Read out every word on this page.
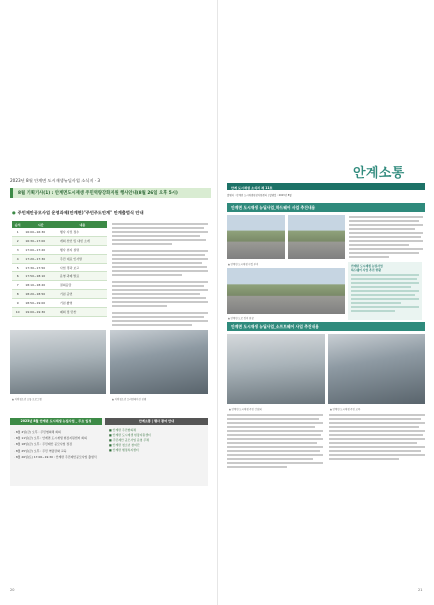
2023년 8월 안계면 도시재생뉴딜사업 소식지 · 3
8월 기획기사(1) : 안계면도시재생 주민역량강화지원 행사안내(8월 26일 오후 5시)
● 주민제안공모사업 운영과제(안계면)"주민주도안계" 안계출범식 안내
순서	시간	내용
1	16:00~16:30	행사 사전 접수
2	16:30~17:00	개회 선언 및 내빈 소개
3	17:00~17:20	행사 취지 설명
4	17:20~17:30	주민 대표 인사말
5	17:30~17:50	사업 경과 보고
6	17:50~18:10	운영 과제 발표
7	18:10~18:20	질의응답
8	18:20~18:50	기념 공연
9	18:50~19:00	기념 촬영
10	19:00~19:30	폐회 및 만찬
▲ 지역청소년 소통 프로그램	▲ 지역청소년 오리엔테이션 진행
2023년 8월 안계면 도시재생 뉴딜사업 _ 주요 일정
· 8월 4일(금) 오후 : 주민협의체 회의
· 8월 11일(금) 오후 : 안계면 도시재생 현장지원센터 회의
· 8월 18일(금) 오후 : 주민제안 공모사업 점검
· 8월 25일(금) 오후 : 주민 역량강화 교육
· 8월 26일(토) 17:00~19:30 : 안계면 주민제안공모사업 출범식
안계소통 | 행사 참여 안내
■ 안계면 주민협의체
■ 안계면 도시재생 현장지원센터
■ 주민제안 공모사업 운영 주체
■ 안계면 청소년 참여단
■ 안계면 행정복지센터
20
안계소통
안계 도시재생 소식지 제 11호
발행처 : 안계면 도시재생현장지원센터 | 발행일 : 2023년 8월
안계면 도시재생 뉴딜사업_하드웨어 사업 추진내용
▲ 안계면 도시재생 사업 부지
▲ 안계면 도로 정비 현장
안계면 도시재생 뉴딜사업
하드웨어 사업 추진 현황
안계면 도시재생 뉴딜사업_소프트웨어 사업 추진내용
▲ 안계면 도시재생 주민 간담회	▲ 안계면 도시재생 주민 교육
21
